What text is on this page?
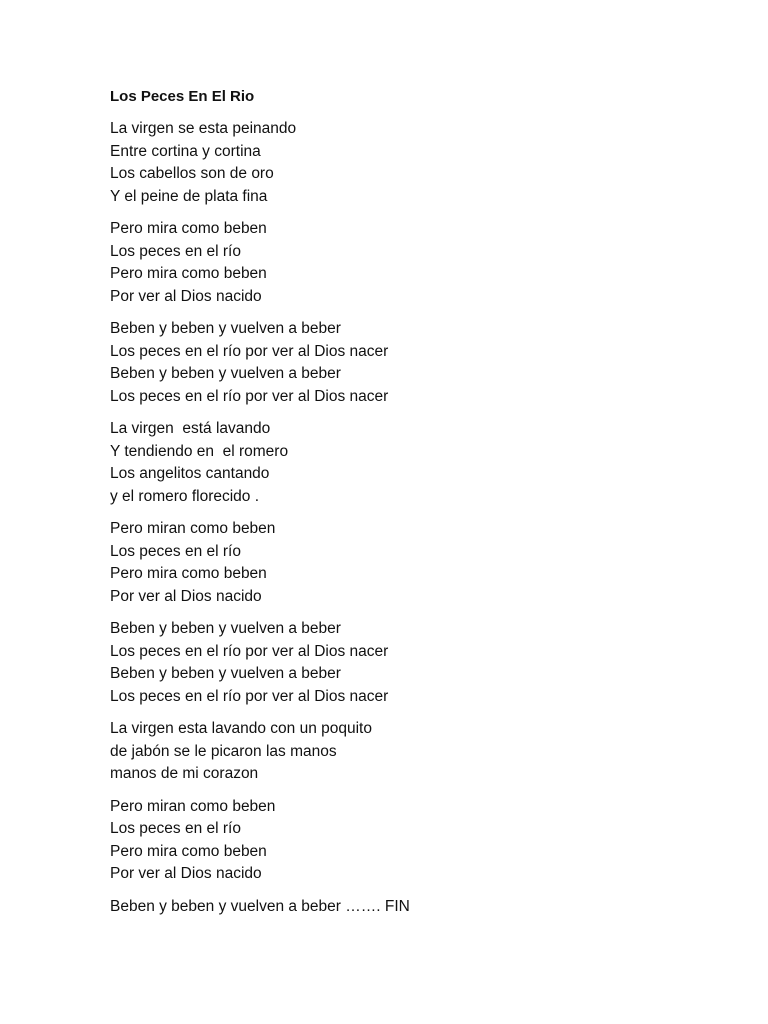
Los Peces En El Rio
La virgen se esta peinando
Entre cortina y cortina
Los cabellos son de oro
Y el peine de plata fina
Pero mira como beben
Los peces en el río
Pero mira como beben
Por ver al Dios nacido
Beben y beben y vuelven a beber
Los peces en el río por ver al Dios nacer
Beben y beben y vuelven a beber
Los peces en el río por ver al Dios nacer
La virgen  está lavando
Y tendiendo en  el romero
Los angelitos cantando
y el romero florecido .
Pero miran como beben
Los peces en el río
Pero mira como beben
Por ver al Dios nacido
Beben y beben y vuelven a beber
Los peces en el río por ver al Dios nacer
Beben y beben y vuelven a beber
Los peces en el río por ver al Dios nacer
La virgen esta lavando con un poquito
de jabón se le picaron las manos
manos de mi corazon
Pero miran como beben
Los peces en el río
Pero mira como beben
Por ver al Dios nacido
Beben y beben y vuelven a beber ……. FIN
